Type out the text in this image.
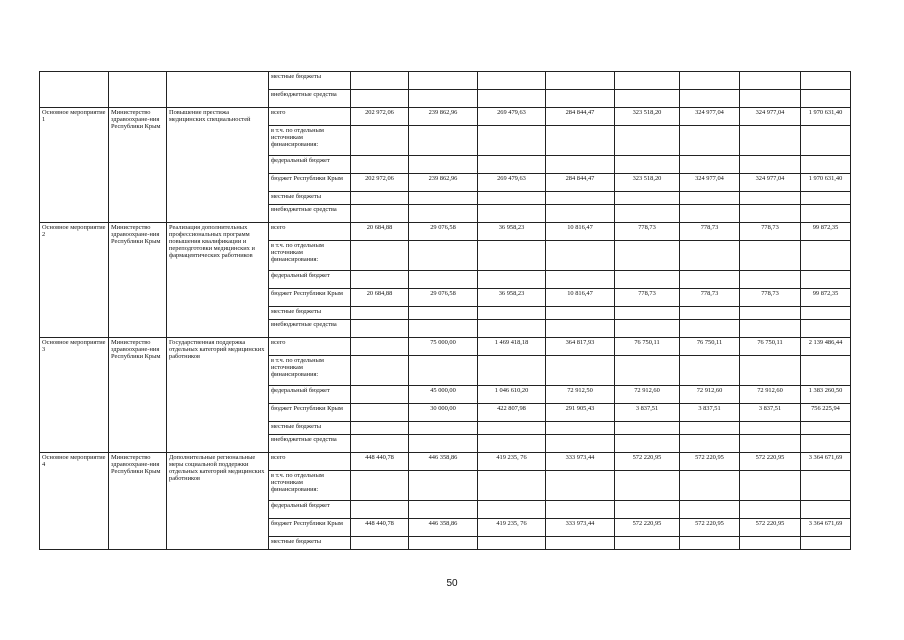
			местные бюджеты								
			внебюджетные средства								
Основное мероприятие 1	Министерство здравоохране-ния Республики Крым	Повышение престижа медицинских специальностей	всего	202 972,06	239 862,96	269 479,63	284 844,47	323 518,20	324 977,04	324 977,04	1 970 631,40
			в т.ч. по отдельным источникам финансирования:								
			федеральный бюджет								
			бюджет Республики Крым	202 972,06	239 862,96	269 479,63	284 844,47	323 518,20	324 977,04	324 977,04	1 970 631,40
			местные бюджеты								
			внебюджетные средства								
Основное мероприятие 2	Министерство здравоохране-ния Республики Крым	Реализация дополнительных профессиональных программ повышения квалификации и переподготовки медицинских и фармацевтических работников	всего	20 684,88	29 076,58	36 958,23	10 816,47	778,73	778,73	778,73	99 872,35
			в т.ч. по отдельным источникам финансирования:								
			федеральный бюджет								
			бюджет Республики Крым	20 684,88	29 076,58	36 958,23	10 816,47	778,73	778,73	778,73	99 872,35
			местные бюджеты								
			внебюджетные средства								
Основное мероприятие 3	Министерство здравоохране-ния Республики Крым	Государственная поддержка отдельных категорий медицинских работников	всего		75 000,00	1 469 418,18	364 817,93	76 750,11	76 750,11	76 750,11	2 139 486,44
			в т.ч. по отдельным источникам финансирования:								
			федеральный бюджет		45 000,00	1 046 610,20	72 912,50	72 912,60	72 912,60	72 912,60	1 383 260,50
			бюджет Республики Крым		30 000,00	422 807,98	291 905,43	3 837,51	3 837,51	3 837,51	756 225,94
			местные бюджеты								
			внебюджетные средства								
Основное мероприятие 4	Министерство здравоохране-ния Республики Крым	Дополнительные региональные меры социальной поддержки отдельных категорий медицинских работников	всего	448 440,78	446 358,86	419 235, 76	333 973,44	572 220,95	572 220,95	572 220,95	3 364 671,69
			в т.ч. по отдельным источникам финансирования:								
			федеральный бюджет								
			бюджет Республики Крым	448 440,78	446 358,86	419 235, 76	333 973,44	572 220,95	572 220,95	572 220,95	3 364 671,69
			местные бюджеты								
50
